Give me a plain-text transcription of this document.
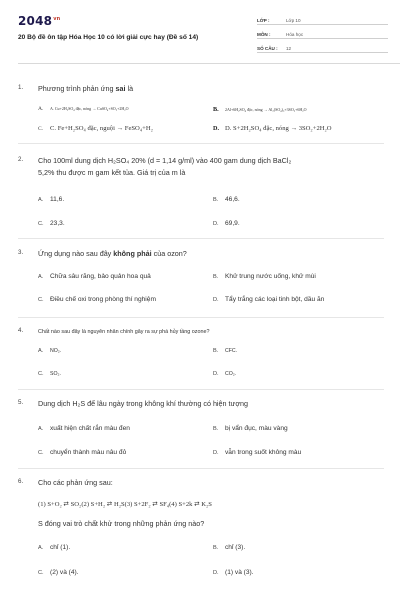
$2048^{vn}$
20 Bộ đề ôn tập Hóa Học 10 có lời giải cực hay (Đề số 14)
LỚP :	Lớp 10
MÔN :	Hóa học
SỐ CÂU :	12
1. Phương trình phản ứng sai là
A. A. Cu+2H₂SO₄ đặc, nóng → CuSO₄+SO₂+2H₂O	B. 2Al+6H₂SO₄ đặc, nóng → Al₂(SO₄)₃+3SO₂+6H₂O
C. C. Fe+H₂SO₄ đặc, nguội → FeSO₄+H₂	D. D. S+2H₂SO₄ đặc, nóng → 3SO₂+2H₂O
2. Cho 100ml dung dịch H₂SO₄ 20% (d = 1,14 g/ml) vào 400 gam dung dịch BaCl₂
5,2% thu được m gam kết tủa. Giá trị của m là
A. 11,6.	B. 46,6.
C. 23,3.	D. 69,9.
3. Ứng dụng nào sau đây không phải của ozon?
A. Chữa sâu răng, bảo quản hoa quả	B. Khử trung nước uống, khử mùi
C. Điều chế oxi trong phòng thí nghiệm	D. Tẩy trắng các loại tinh bột, dầu ăn
4.	Chất nào sau đây là nguyên nhân chính gây ra sự phá hủy tầng ozone?
A. NO₂.	B. CFC.
C. SO₂.	D. CO₂.
5. Dung dịch H₂S để lâu ngày trong không khí thường có hiện tượng
A. xuất hiện chất rắn màu đen	B. bị vẩn đục, màu vàng
C. chuyển thành màu nâu đỏ	D. vẫn trong suốt không màu
6. Cho các phản ứng sau:
(1) S+O₂ ⇄ SO₂(2) S+H₂ ⇄ H₂S(3) S+2F₂ ⇄ SF₄(4) S+2k ⇄ K₂S
S đóng vai trò chất khử trong những phản ứng nào?
A. chỉ (1).	B. chỉ (3).
C. (2) và (4).	D. (1) và (3).
